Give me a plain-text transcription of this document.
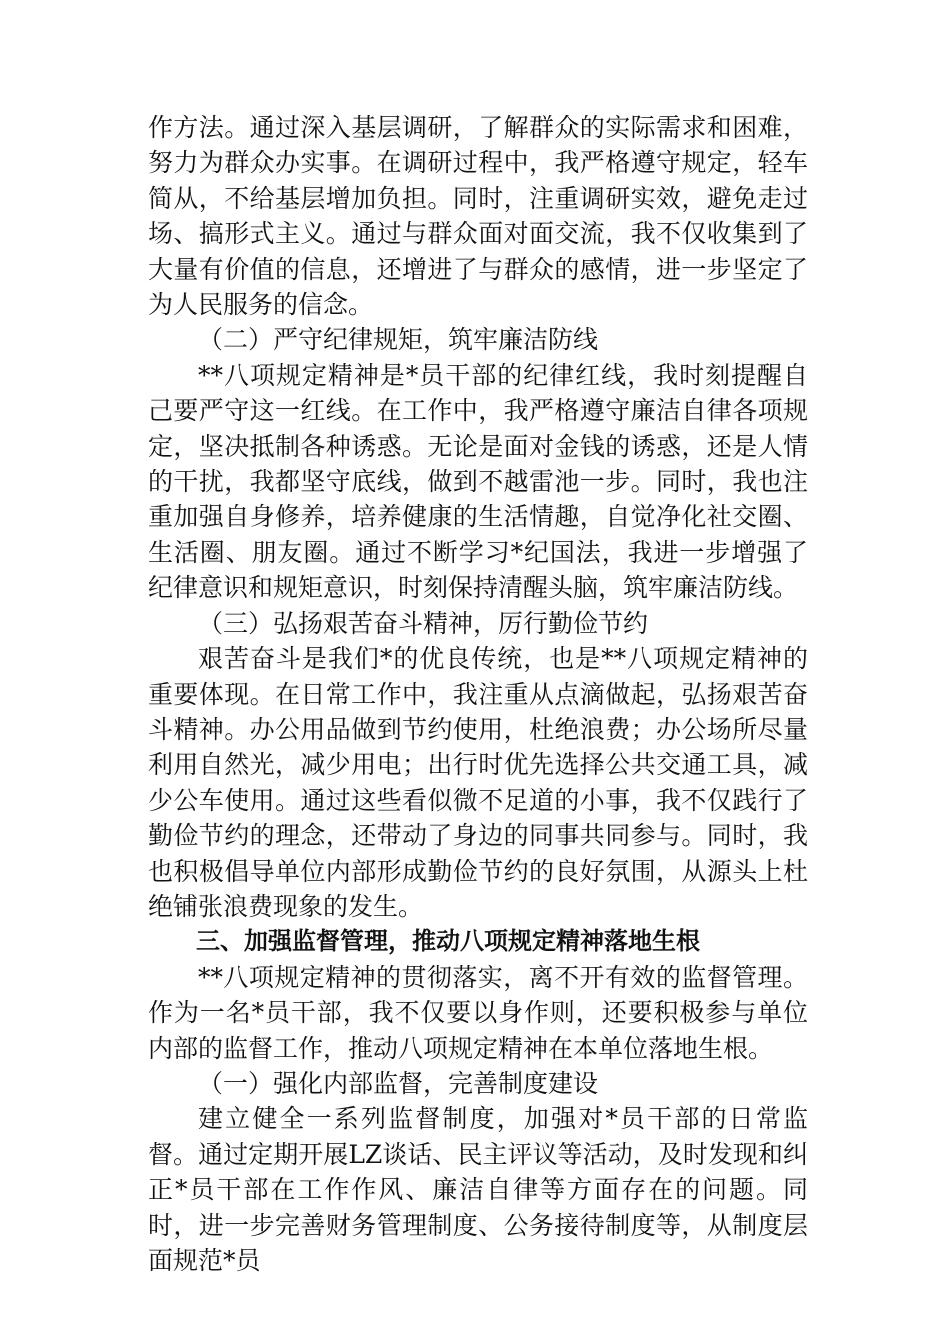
作方法。通过深入基层调研，了解群众的实际需求和困难，努力为群众办实事。在调研过程中，我严格遵守规定，轻车简从，不给基层增加负担。同时，注重调研实效，避免走过场、搞形式主义。通过与群众面对面交流，我不仅收集到了大量有价值的信息，还增进了与群众的感情，进一步坚定了为人民服务的信念。

（二）严守纪律规矩，筑牢廉洁防线

**八项规定精神是*员干部的纪律红线，我时刻提醒自己要严守这一红线。在工作中，我严格遵守廉洁自律各项规定，坚决抵制各种诱惑。无论是面对金钱的诱惑，还是人情的干扰，我都坚守底线，做到不越雷池一步。同时，我也注重加强自身修养，培养健康的生活情趣，自觉净化社交圈、生活圈、朋友圈。通过不断学习*纪国法，我进一步增强了纪律意识和规矩意识，时刻保持清醒头脑，筑牢廉洁防线。

（三）弘扬艰苦奋斗精神，厉行勤俭节约

艰苦奋斗是我们*的优良传统，也是**八项规定精神的重要体现。在日常工作中，我注重从点滴做起，弘扬艰苦奋斗精神。办公用品做到节约使用，杜绝浪费；办公场所尽量利用自然光，减少用电；出行时优先选择公共交通工具，减少公车使用。通过这些看似微不足道的小事，我不仅践行了勤俭节约的理念，还带动了身边的同事共同参与。同时，我也积极倡导单位内部形成勤俭节约的良好氛围，从源头上杜绝铺张浪费现象的发生。

三、加强监督管理，推动八项规定精神落地生根

**八项规定精神的贯彻落实，离不开有效的监督管理。作为一名*员干部，我不仅要以身作则，还要积极参与单位内部的监督工作，推动八项规定精神在本单位落地生根。

（一）强化内部监督，完善制度建设

建立健全一系列监督制度，加强对*员干部的日常监督。通过定期开展LZ谈话、民主评议等活动，及时发现和纠正*员干部在工作作风、廉洁自律等方面存在的问题。同时，进一步完善财务管理制度、公务接待制度等，从制度层面规范*员
